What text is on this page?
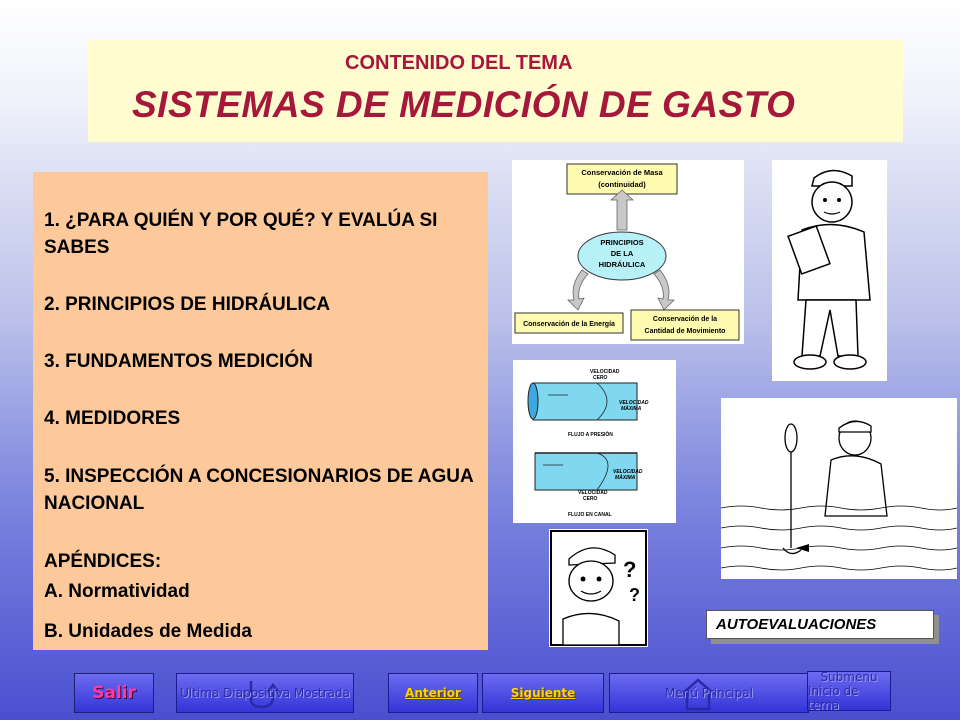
CONTENIDO DEL TEMA
SISTEMAS DE MEDICIÓN DE GASTO
1. ¿PARA QUIÉN Y POR QUÉ? Y EVALÚA SI SABES
2. PRINCIPIOS DE HIDRÁULICA
3. FUNDAMENTOS MEDICIÓN
4. MEDIDORES
5. INSPECCIÓN A CONCESIONARIOS DE AGUA NACIONAL
APÉNDICES:
A. Normatividad
B. Unidades de Medida
Conservación de Masa
(continuidad)
PRINCIPIOS
DE LA
HIDRÁULICA
Conservación de la Energía
Conservación de la
Cantidad de Movimiento
VELOCIDAD
CERO
VELOCIDAD
MÁXIMA
FLUJO A PRESIÓN
VELOCIDAD
MÁXIMA
VELOCIDAD
CERO
FLUJO EN CANAL
?
?
AUTOEVALUACIONES
Salir	Ultima Diapositiva Mostrada	Anterior	Siguiente	Menú Principal
Submenu
Inicio de tema
